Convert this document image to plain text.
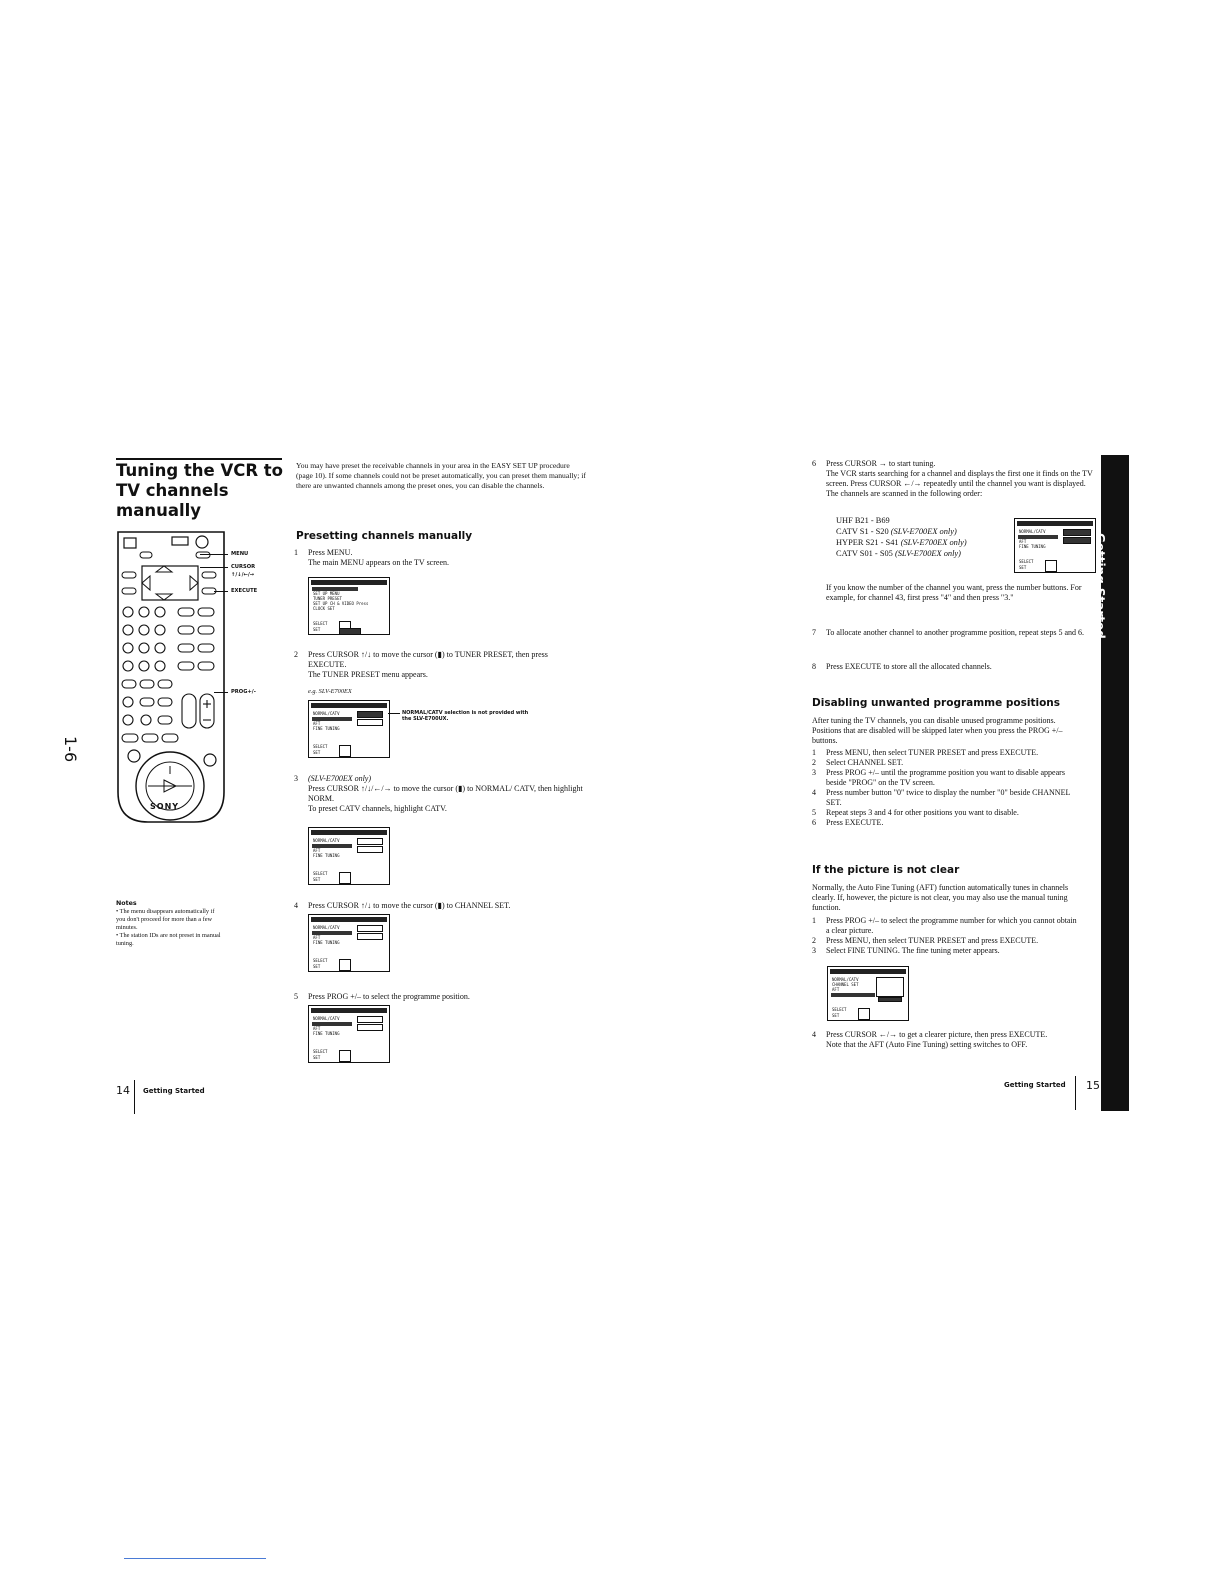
Tuning the VCR to TV channels manually
You may have preset the receivable channels in your area in the EASY SET UP procedure (page 10). If some channels could not be preset automatically, you can preset them manually; if there are unwanted channels among the preset ones, you can disable the channels.
SONY
MENU
CURSOR
↑/↓/←/→
EXECUTE
PROG+/-
1-6
Notes
• The menu disappears automatically if you don't proceed for more than a few minutes.
• The station IDs are not preset in manual tuning.
Presetting channels manually
1 Press MENU.
The main MENU appears on the TV screen.
SET UP MENU
TUNER PRESET
SET UP CH & VIDEO Press
CLOCK SET
SELECT
SET
2 Press CURSOR ↑/↓ to move the cursor (▮) to TUNER PRESET, then press EXECUTE.
The TUNER PRESET menu appears.
e.g. SLV-E700EX
NORMAL/CATV
AFT
FINE TUNING
SELECT
SET
NORMAL/CATV selection is not provided with the SLV-E700UX.
3 (SLV-E700EX only)
Press CURSOR ↑/↓/←/→ to move the cursor (▮) to NORMAL/ CATV, then highlight NORM.
To preset CATV channels, highlight CATV.
NORMAL/CATV
AFT
FINE TUNING
SELECT
SET
4 Press CURSOR ↑/↓ to move the cursor (▮) to CHANNEL SET.
NORMAL/CATV
AFT
FINE TUNING
SELECT
SET
5 Press PROG +/– to select the programme position.
NORMAL/CATV
AFT
FINE TUNING
SELECT
SET
14 Getting Started
6 Press CURSOR → to start tuning.
The VCR starts searching for a channel and displays the first one it finds on the TV screen. Press CURSOR ←/→ repeatedly until the channel you want is displayed.
The channels are scanned in the following order:
UHF B21 - B69
CATV S1 - S20 (SLV-E700EX only)
HYPER S21 - S41 (SLV-E700EX only)
CATV S01 - S05 (SLV-E700EX only)
NORMAL/CATV
AFT
FINE TUNING
SELECT
SET
If you know the number of the channel you want, press the number buttons. For example, for channel 43, first press "4" and then press "3."
7 To allocate another channel to another programme position, repeat steps 5 and 6.
8 Press EXECUTE to store all the allocated channels.
Disabling unwanted programme positions
After tuning the TV channels, you can disable unused programme positions. Positions that are disabled will be skipped later when you press the PROG +/– buttons.
1 Press MENU, then select TUNER PRESET and press EXECUTE.
2 Select CHANNEL SET.
3 Press PROG +/– until the programme position you want to disable appears beside "PROG" on the TV screen.
4 Press number button "0" twice to display the number "0" beside CHANNEL SET.
5 Repeat steps 3 and 4 for other positions you want to disable.
6 Press EXECUTE.
If the picture is not clear
Normally, the Auto Fine Tuning (AFT) function automatically tunes in channels clearly. If, however, the picture is not clear, you may also use the manual tuning function.
1 Press PROG +/– to select the programme number for which you cannot obtain a clear picture.
2 Press MENU, then select TUNER PRESET and press EXECUTE.
3 Select FINE TUNING. The fine tuning meter appears.
NORMAL/CATV
CHANNEL SET
AFT
SELECT
SET
4 Press CURSOR ←/→ to get a clearer picture, then press EXECUTE.
Note that the AFT (Auto Fine Tuning) setting switches to OFF.
Getting Started 15
Getting Started
